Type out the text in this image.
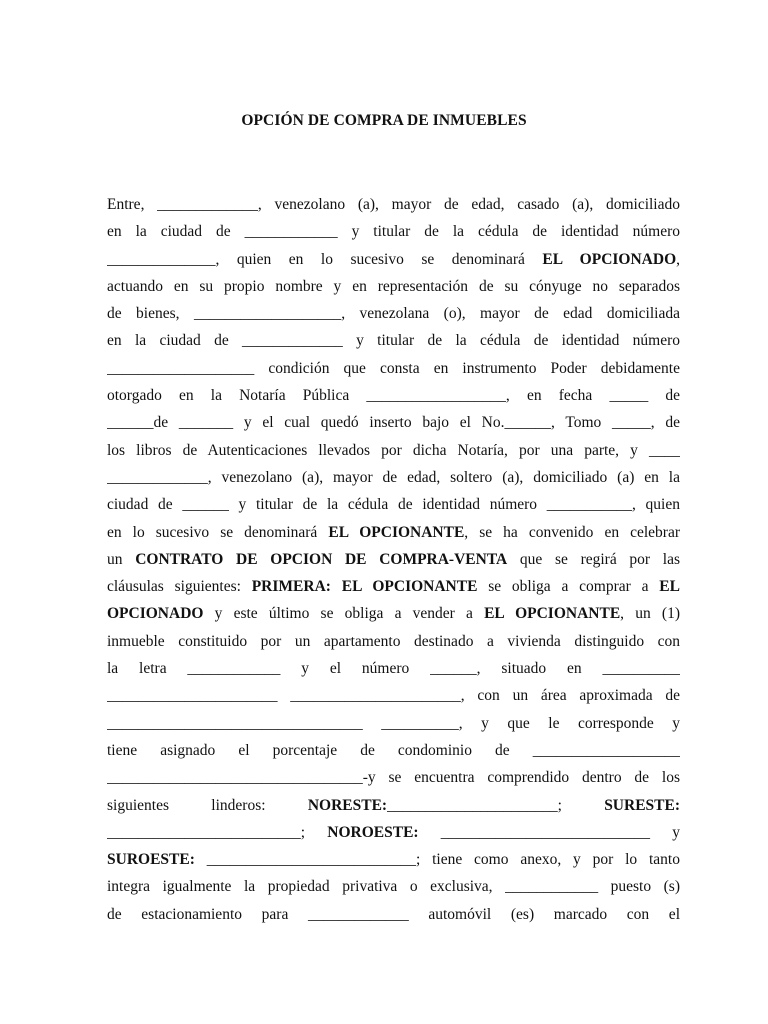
OPCIÓN DE COMPRA DE INMUEBLES
Entre, _____________, venezolano (a), mayor de edad, casado (a), domiciliado
en la ciudad de ____________ y titular de la cédula de identidad número
______________, quien en lo sucesivo se denominará EL OPCIONADO,
actuando en su propio nombre y en representación de su cónyuge no separados
de bienes, ___________________, venezolana (o), mayor de edad domiciliada
en la ciudad de _____________ y titular de la cédula de identidad número
___________________ condición que consta en instrumento Poder debidamente
otorgado en la Notaría Pública __________________, en fecha _____ de
______de _______ y el cual quedó inserto bajo el No.______, Tomo _____, de
los libros de Autenticaciones llevados por dicha Notaría, por una parte, y ____
_____________, venezolano (a), mayor de edad, soltero (a), domiciliado (a) en la
ciudad de ______ y titular de la cédula de identidad número ___________, quien
en lo sucesivo se denominará EL OPCIONANTE, se ha convenido en celebrar
un CONTRATO DE OPCION DE COMPRA-VENTA que se regirá por las
cláusulas siguientes: PRIMERA: EL OPCIONANTE se obliga a comprar a EL
OPCIONADO y este último se obliga a vender a EL OPCIONANTE, un (1)
inmueble constituido por un apartamento destinado a vivienda distinguido con
la letra ____________ y el número ______, situado en __________
______________________ ______________________, con un área aproximada de
_________________________________ __________, y que le corresponde y
tiene asignado el porcentaje de condominio de ___________________
_________________________________-y se encuentra comprendido dentro de los
siguientes linderos: NORESTE:______________________; SURESTE:
_________________________; NOROESTE: ___________________________ y
SUROESTE: ___________________________; tiene como anexo, y por lo tanto
integra igualmente la propiedad privativa o exclusiva, ____________ puesto (s)
de estacionamiento para _____________ automóvil (es) marcado con el
